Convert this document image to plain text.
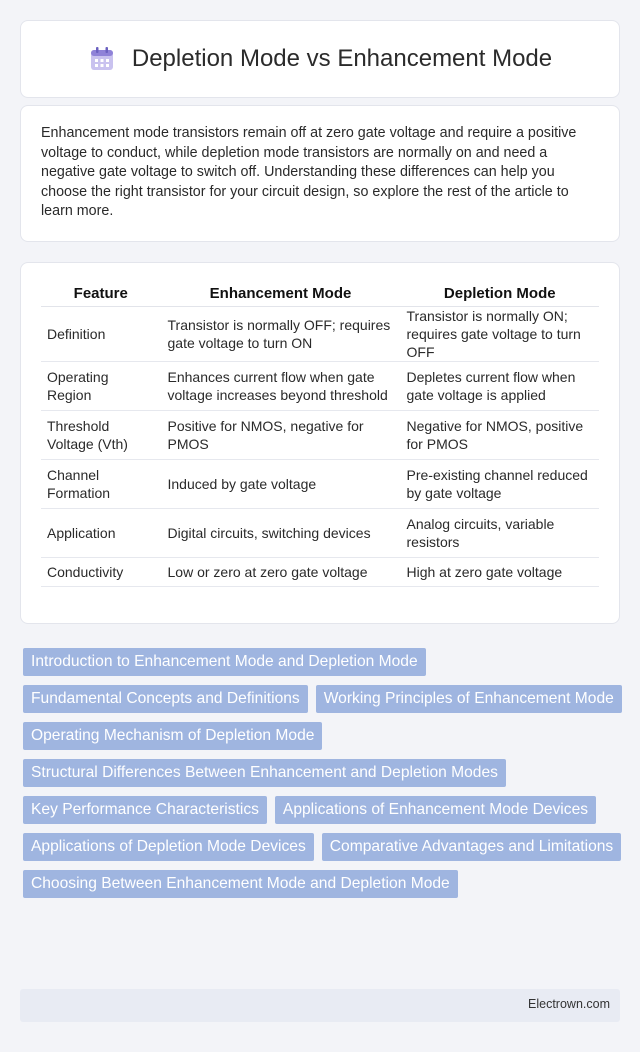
Depletion Mode vs Enhancement Mode

Enhancement mode transistors remain off at zero gate voltage and require a positive voltage to conduct, while depletion mode transistors are normally on and need a negative gate voltage to switch off. Understanding these differences can help you choose the right transistor for your circuit design, so explore the rest of the article to learn more.

Feature	Enhancement Mode	Depletion Mode
Definition	Transistor is normally OFF; requires gate voltage to turn ON	Transistor is normally ON; requires gate voltage to turn OFF
Operating Region	Enhances current flow when gate voltage increases beyond threshold	Depletes current flow when gate voltage is applied
Threshold Voltage (Vth)	Positive for NMOS, negative for PMOS	Negative for NMOS, positive for PMOS
Channel Formation	Induced by gate voltage	Pre-existing channel reduced by gate voltage
Application	Digital circuits, switching devices	Analog circuits, variable resistors
Conductivity	Low or zero at zero gate voltage	High at zero gate voltage
Introduction to Enhancement Mode and Depletion Mode
Fundamental Concepts and Definitions	Working Principles of Enhancement Mode
Operating Mechanism of Depletion Mode
Structural Differences Between Enhancement and Depletion Modes
Key Performance Characteristics	Applications of Enhancement Mode Devices
Applications of Depletion Mode Devices	Comparative Advantages and Limitations
Choosing Between Enhancement Mode and Depletion Mode
Electrown.com
